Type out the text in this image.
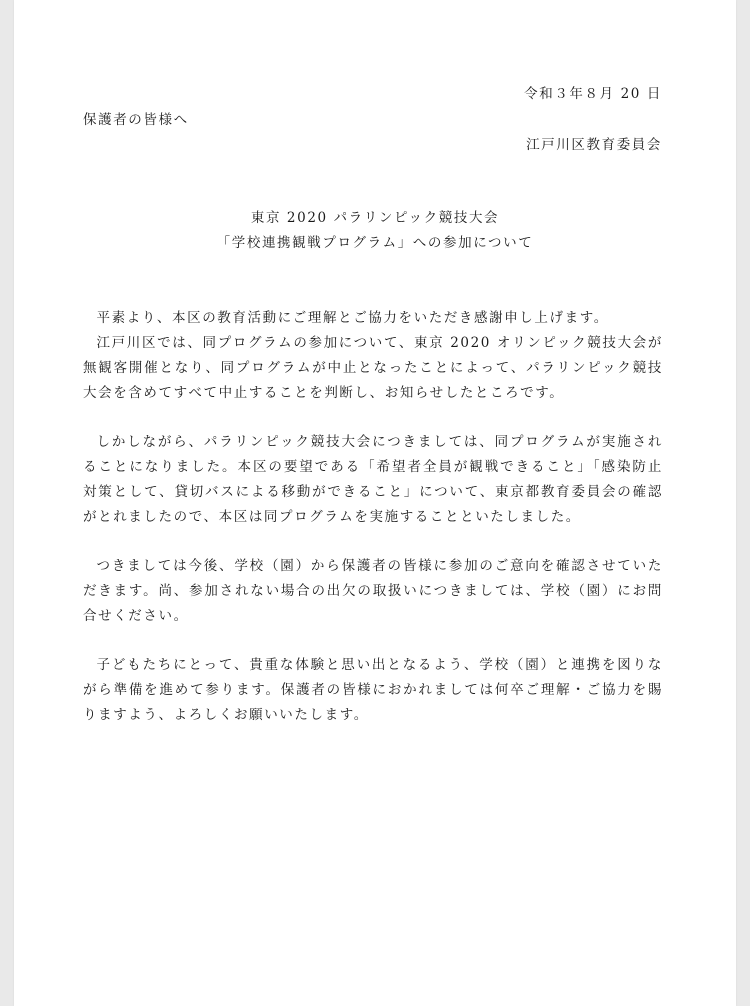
令和３年８月 20 日
保護者の皆様へ
江戸川区教育委員会
東京 2020 パラリンピック競技大会
「学校連携観戦プログラム」への参加について

平素より、本区の教育活動にご理解とご協力をいただき感謝申し上げます。

江戸川区では、同プログラムの参加について、東京 2020 オリンピック競技大会が無観客開催となり、同プログラムが中止となったことによって、パラリンピック競技大会を含めてすべて中止することを判断し、お知らせしたところです。

しかしながら、パラリンピック競技大会につきましては、同プログラムが実施されることになりました。本区の要望である「希望者全員が観戦できること」「感染防止対策として、貸切バスによる移動ができること」について、東京都教育委員会の確認がとれましたので、本区は同プログラムを実施することといたしました。

つきましては今後、学校（園）から保護者の皆様に参加のご意向を確認させていただきます。尚、参加されない場合の出欠の取扱いにつきましては、学校（園）にお問合せください。

子どもたちにとって、貴重な体験と思い出となるよう、学校（園）と連携を図りながら準備を進めて参ります。保護者の皆様におかれましては何卒ご理解・ご協力を賜りますよう、よろしくお願いいたします。
